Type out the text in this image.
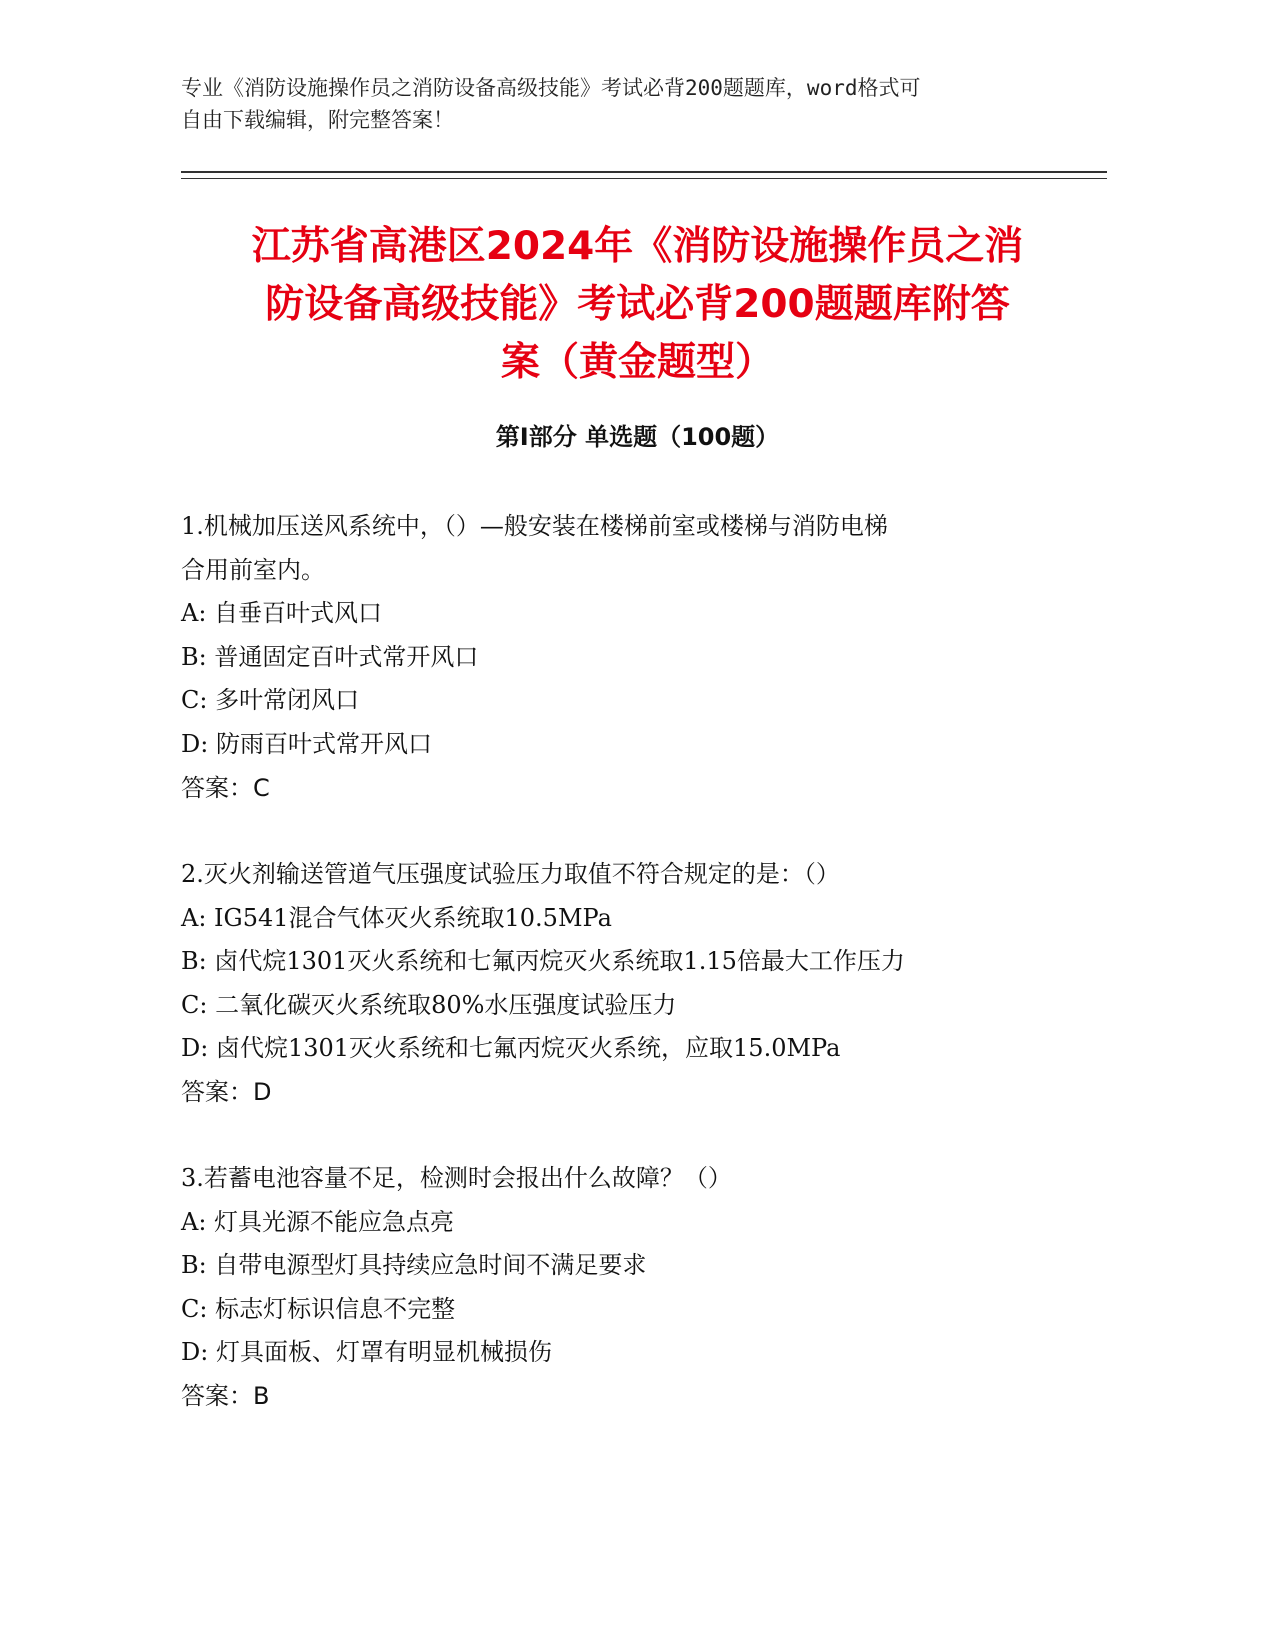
专业《消防设施操作员之消防设备高级技能》考试必背200题题库，word格式可
自由下载编辑，附完整答案！
江苏省高港区2024年《消防设施操作员之消
防设备高级技能》考试必背200题题库附答
案（黄金题型）
第I部分 单选题（100题）
1.机械加压送风系统中，（）—般安装在楼梯前室或楼梯与消防电梯
合用前室内。
A: 自垂百叶式风口
B: 普通固定百叶式常开风口
C: 多叶常闭风口
D: 防雨百叶式常开风口
答案：C
2.灭火剂输送管道气压强度试验压力取值不符合规定的是：（）
A: IG541混合气体灭火系统取10.5MPa
B: 卤代烷1301灭火系统和七氟丙烷灭火系统取1.15倍最大工作压力
C: 二氧化碳灭火系统取80%水压强度试验压力
D: 卤代烷1301灭火系统和七氟丙烷灭火系统，应取15.0MPa
答案：D
3.若蓄电池容量不足，检测时会报出什么故障？（）
A: 灯具光源不能应急点亮
B: 自带电源型灯具持续应急时间不满足要求
C: 标志灯标识信息不完整
D: 灯具面板、灯罩有明显机械损伤
答案：B
